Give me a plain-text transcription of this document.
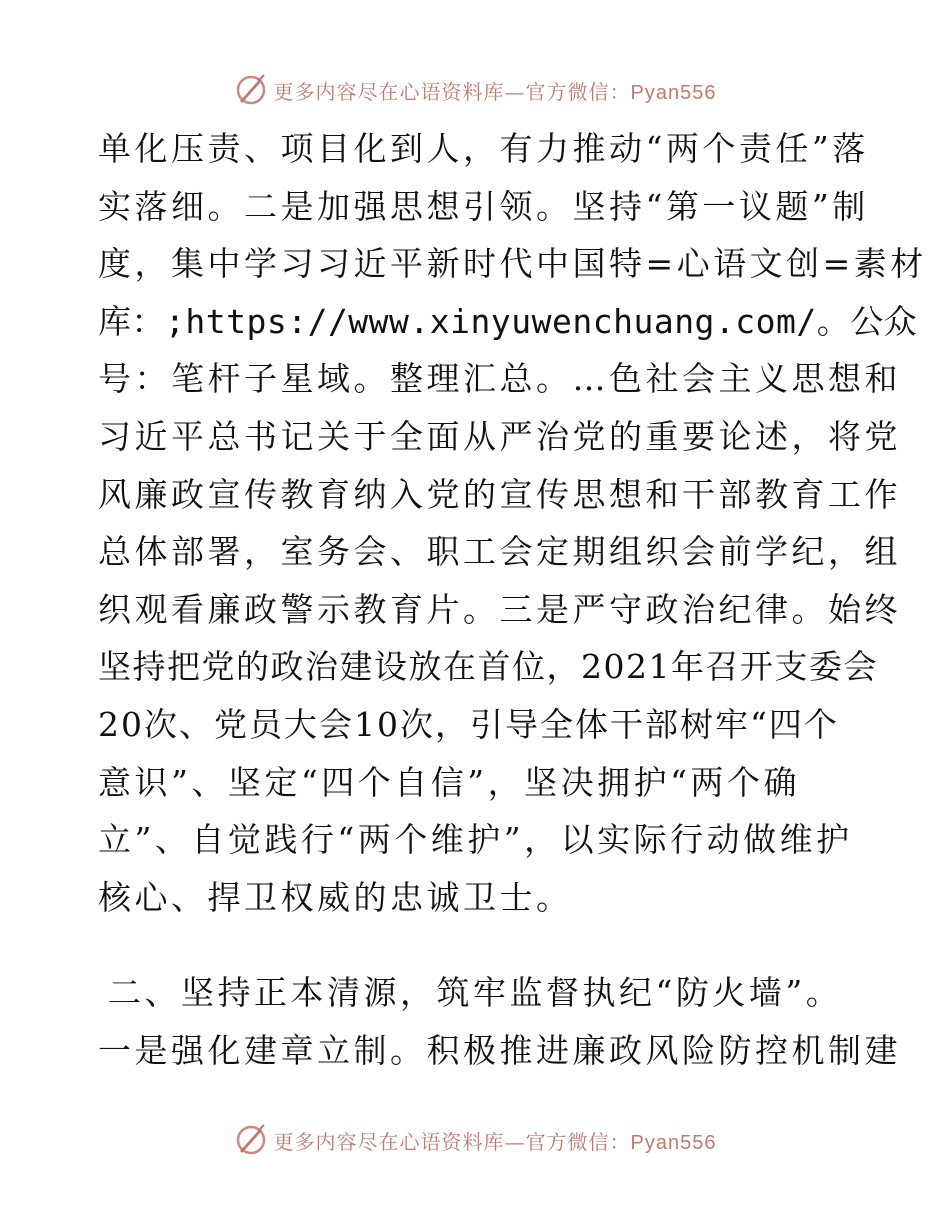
更多内容尽在心语资料库—官方微信：Pyan556
单化压责、项目化到人，有力推动“两个责任”落
实落细。二是加强思想引领。坚持“第一议题”制
度，集中学习习近平新时代中国特=心语文创=素材
库：;https://www.xinyuwenchuang.com/。公众
号：笔杆子星域。整理汇总。…色社会主义思想和
习近平总书记关于全面从严治党的重要论述，将党
风廉政宣传教育纳入党的宣传思想和干部教育工作
总体部署，室务会、职工会定期组织会前学纪，组
织观看廉政警示教育片。三是严守政治纪律。始终
坚持把党的政治建设放在首位，2021年召开支委会
20次、党员大会10次，引导全体干部树牢“四个
意识”、坚定“四个自信”，坚决拥护“两个确
立”、自觉践行“两个维护”，以实际行动做维护
核心、捍卫权威的忠诚卫士。
二、坚持正本清源，筑牢监督执纪“防火墙”。
一是强化建章立制。积极推进廉政风险防控机制建
更多内容尽在心语资料库—官方微信：Pyan556
